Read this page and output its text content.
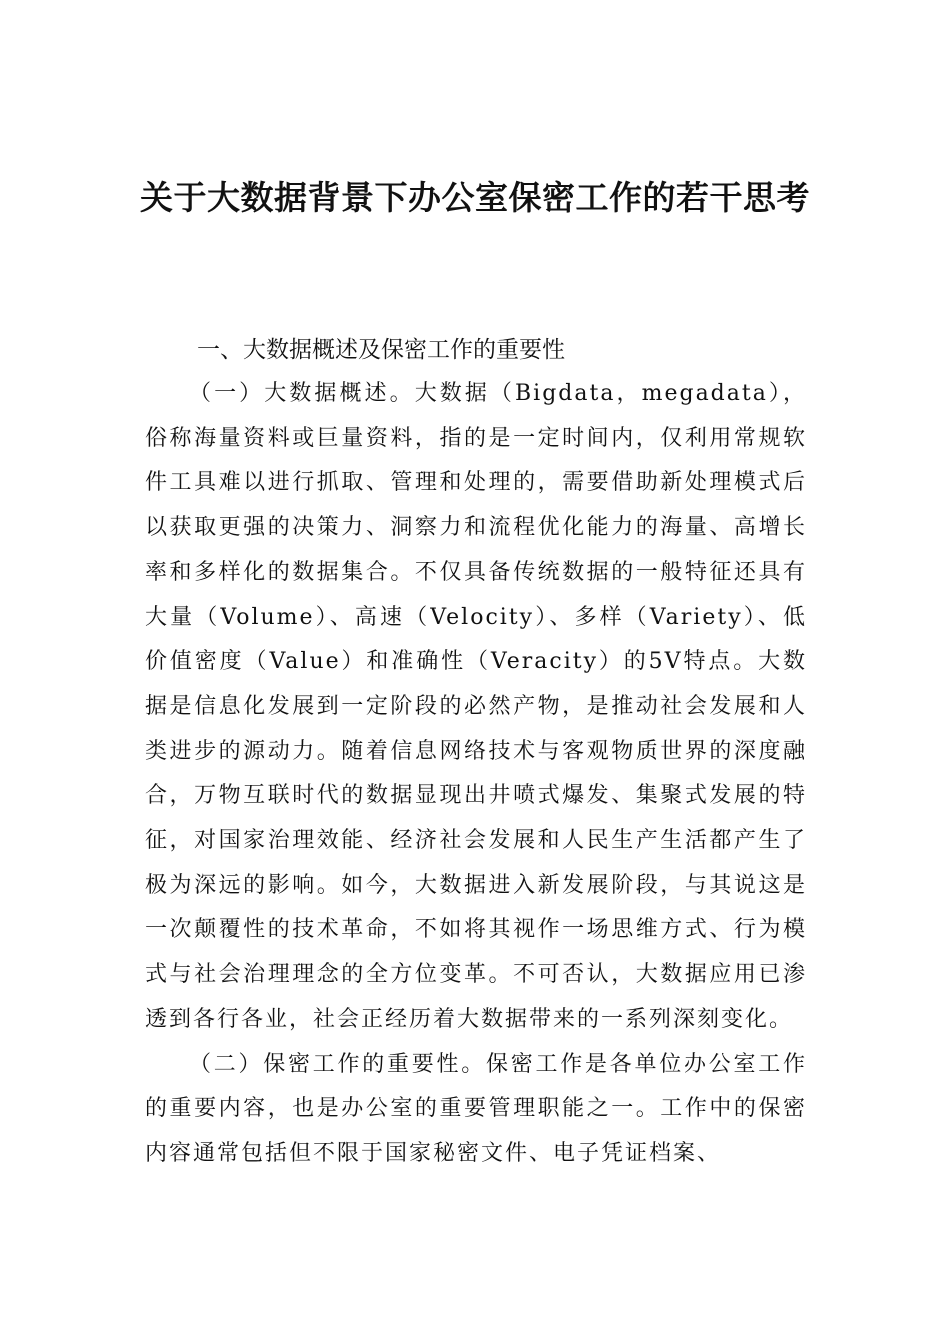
关于大数据背景下办公室保密工作的若干思考
一、大数据概述及保密工作的重要性

（一）大数据概述。大数据（Bigdata，megadata），俗称海量资料或巨量资料，指的是一定时间内，仅利用常规软件工具难以进行抓取、管理和处理的，需要借助新处理模式后以获取更强的决策力、洞察力和流程优化能力的海量、高增长率和多样化的数据集合。不仅具备传统数据的一般特征还具有大量（Volume）、高速（Velocity）、多样（Variety）、低价值密度（Value）和准确性（Veracity）的5V特点。大数据是信息化发展到一定阶段的必然产物，是推动社会发展和人类进步的源动力。随着信息网络技术与客观物质世界的深度融合，万物互联时代的数据显现出井喷式爆发、集聚式发展的特征，对国家治理效能、经济社会发展和人民生产生活都产生了极为深远的影响。如今，大数据进入新发展阶段，与其说这是一次颠覆性的技术革命，不如将其视作一场思维方式、行为模式与社会治理理念的全方位变革。不可否认，大数据应用已渗透到各行各业，社会正经历着大数据带来的一系列深刻变化。

（二）保密工作的重要性。保密工作是各单位办公室工作的重要内容，也是办公室的重要管理职能之一。工作中的保密内容通常包括但不限于国家秘密文件、电子凭证档案、
